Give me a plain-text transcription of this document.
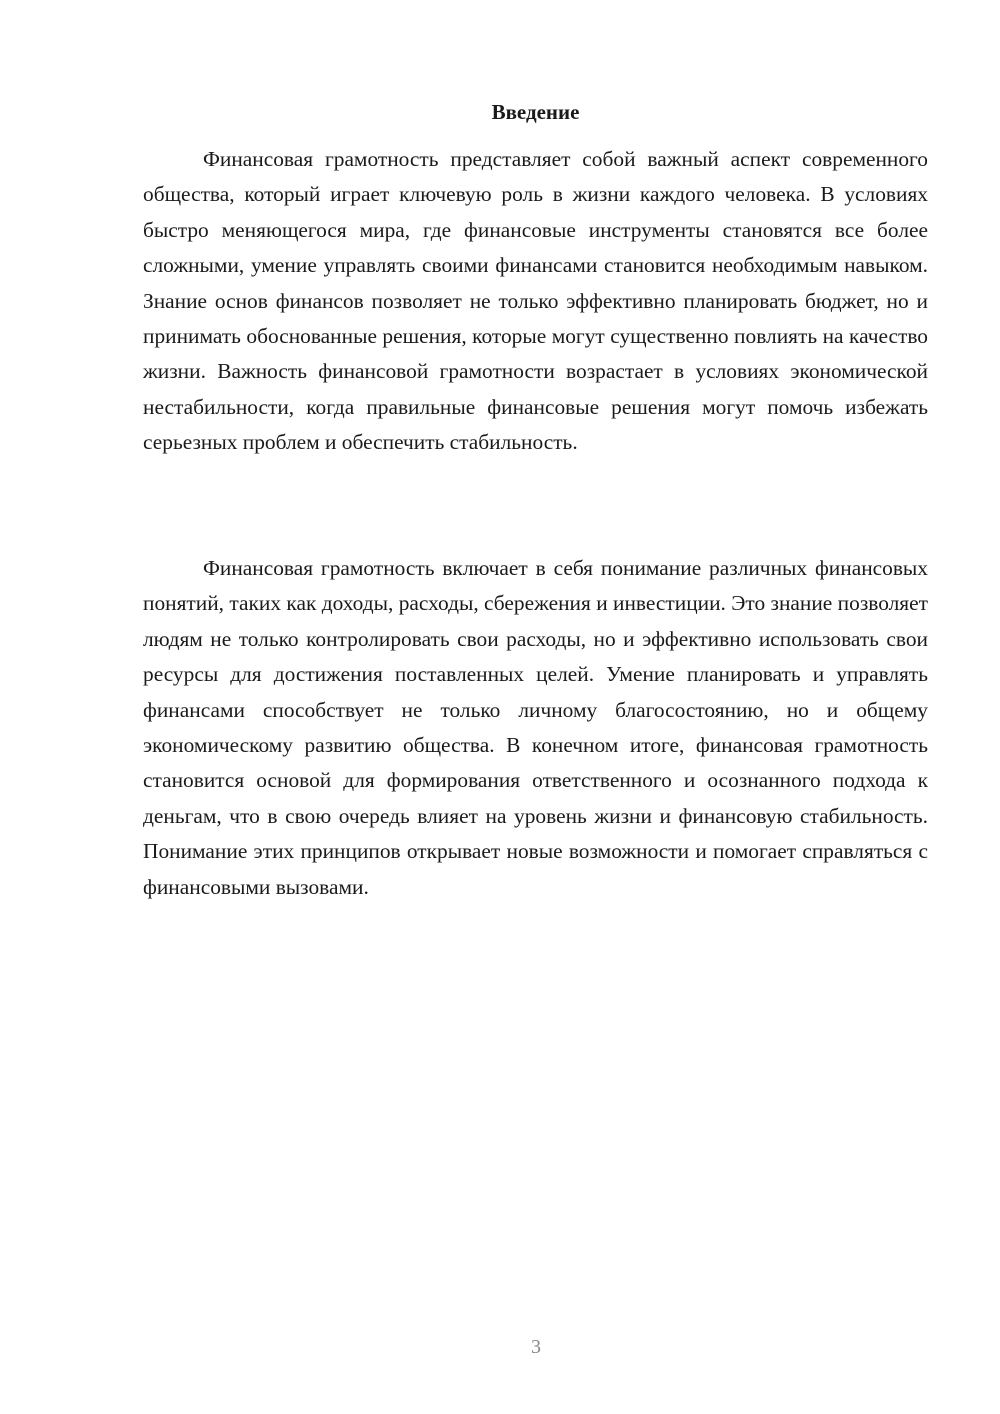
Введение

Финансовая грамотность представляет собой важный аспект современного общества, который играет ключевую роль в жизни каждого человека. В условиях быстро меняющегося мира, где финансовые инструменты становятся все более сложными, умение управлять своими финансами становится необходимым навыком. Знание основ финансов позволяет не только эффективно планировать бюджет, но и принимать обоснованные решения, которые могут существенно повлиять на качество жизни. Важность финансовой грамотности возрастает в условиях экономической нестабильности, когда правильные финансовые решения могут помочь избежать серьезных проблем и обеспечить стабильность.

Финансовая грамотность включает в себя понимание различных финансовых понятий, таких как доходы, расходы, сбережения и инвестиции. Это знание позволяет людям не только контролировать свои расходы, но и эффективно использовать свои ресурсы для достижения поставленных целей. Умение планировать и управлять финансами способствует не только личному благосостоянию, но и общему экономическому развитию общества. В конечном итоге, финансовая грамотность становится основой для формирования ответственного и осознанного подхода к деньгам, что в свою очередь влияет на уровень жизни и финансовую стабильность. Понимание этих принципов открывает новые возможности и помогает справляться с финансовыми вызовами.

3
